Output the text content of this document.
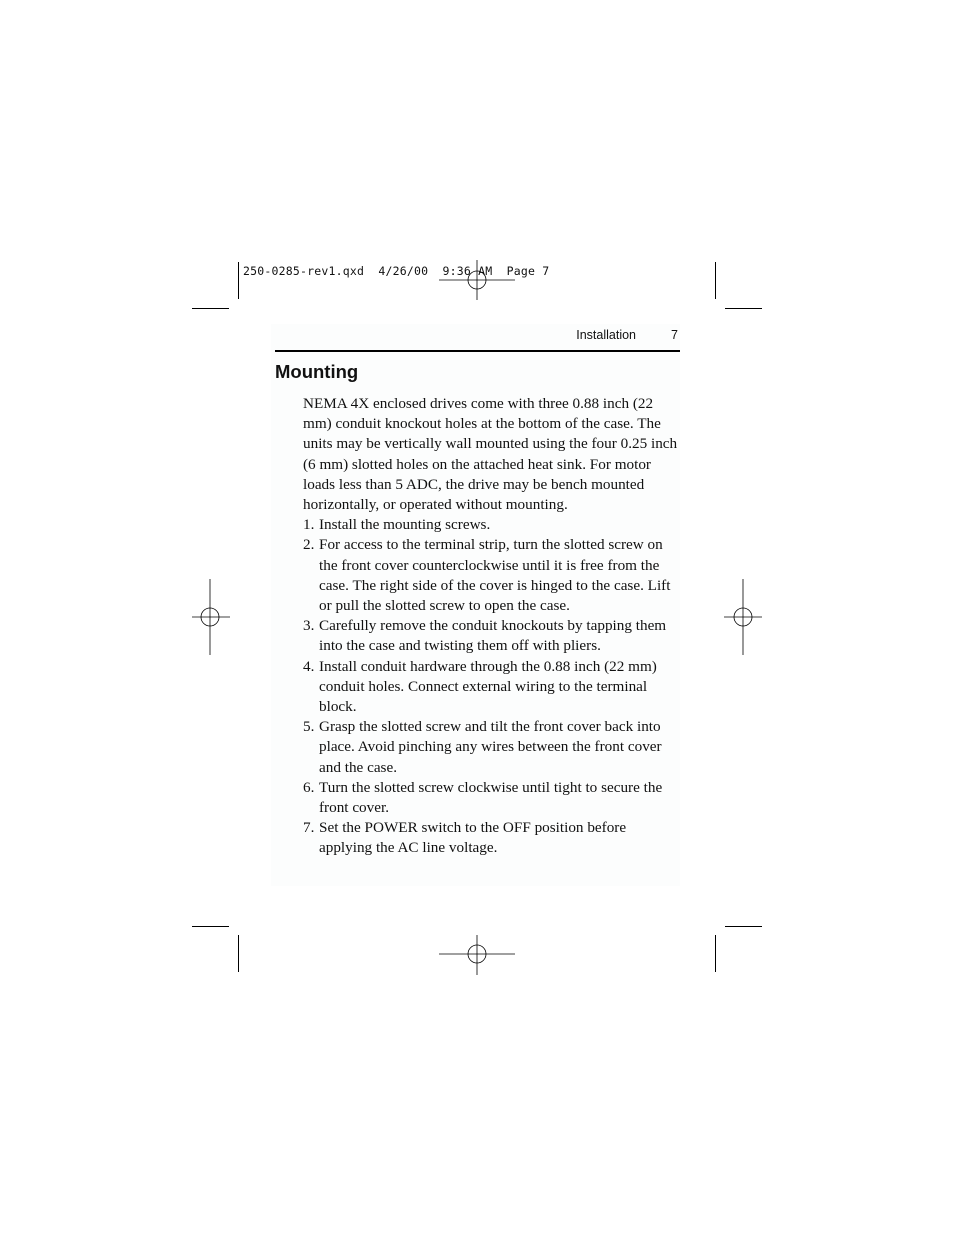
250-0285-rev1.qxd  4/26/00  9:36 AM  Page 7
Installation	7
Mounting

NEMA 4X enclosed drives come with three 0.88 inch (22 mm) conduit knockout holes at the bottom of the case. The units may be vertically wall mounted using the four 0.25 inch (6 mm) slotted holes on the attached heat sink. For motor loads less than 5 ADC, the drive may be bench mounted horizontally, or operated without mounting.

1. Install the mounting screws.
2. For access to the terminal strip, turn the slotted screw on the front cover counterclockwise until it is free from the case. The right side of the cover is hinged to the case. Lift or pull the slotted screw to open the case.
3. Carefully remove the conduit knockouts by tapping them into the case and twisting them off with pliers.
4. Install conduit hardware through the 0.88 inch (22 mm) conduit holes. Connect external wiring to the terminal block.
5. Grasp the slotted screw and tilt the front cover back into place. Avoid pinching any wires between the front cover and the case.
6. Turn the slotted screw clockwise until tight to secure the front cover.
7. Set the POWER switch to the OFF position before applying the AC line voltage.
